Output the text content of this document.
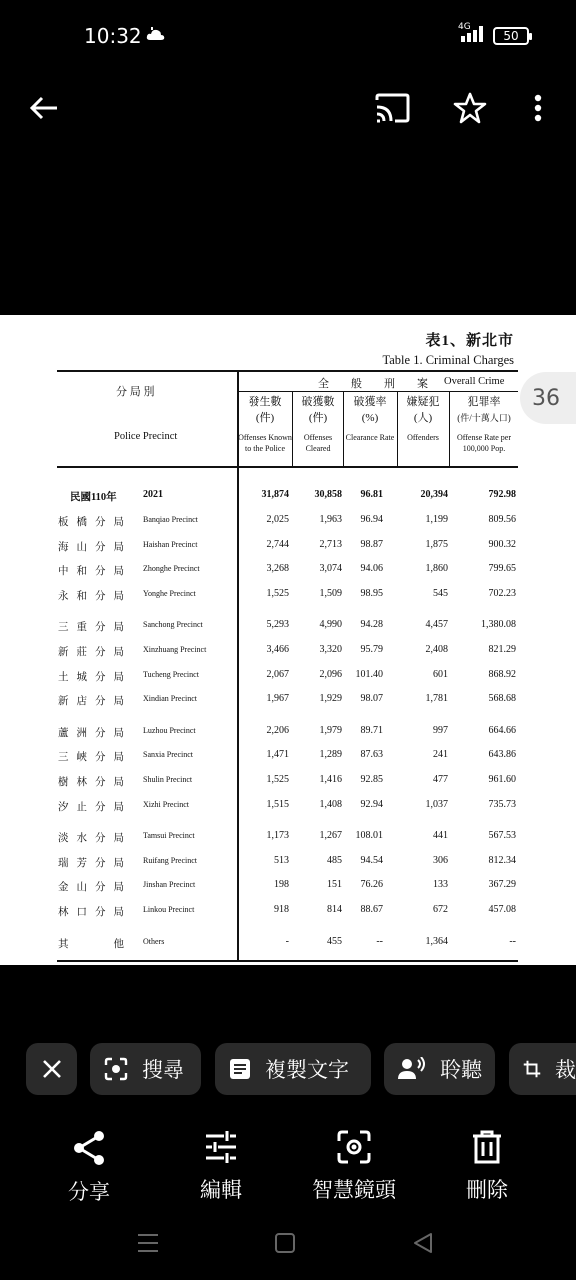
10:32	4G
50
表1、新北市
Table 1. Criminal Charges
分 局 別
Police Precinct
全　　般　　刑　　案 Overall Crime
發生數
(件)
Offenses Known to the Police
破獲數
(件)
Offenses Cleared
破獲率
(%)
Clearance Rate
嫌疑犯
(人)
Offenders
犯罪率
(件/十萬人口)
Offense Rate per 100,000 Pop.
民國110年	2021	31,874	30,858 96.81	20,394	792.98
板橋分局 Banqiao Precinct	2,025	1,963 96.94	1,199	809.56
海山分局 Haishan Precinct	2,744	2,713 98.87	1,875	900.32
中和分局 Zhonghe Precinct	3,268	3,074 94.06	1,860	799.65
永和分局 Yonghe Precinct	1,525	1,509 98.95	545	702.23
三重分局 Sanchong Precinct	5,293	4,990 94.28	4,457	1,380.08
新莊分局 Xinzhuang Precinct	3,466	3,320 95.79	2,408	821.29
土城分局 Tucheng Precinct	2,067	2,096 101.40	601	868.92
新店分局 Xindian Precinct	1,967	1,929 98.07	1,781	568.68
蘆洲分局 Luzhou Precinct	2,206	1,979 89.71	997	664.66
三峽分局 Sanxia Precinct	1,471	1,289 87.63	241	643.86
樹林分局 Shulin Precinct	1,525	1,416 92.85	477	961.60
汐止分局 Xizhi Precinct	1,515	1,408 92.94	1,037	735.73
淡水分局 Tamsui Precinct	1,173	1,267 108.01	441	567.53
瑞芳分局 Ruifang Precinct	513	485 94.54	306	812.34
金山分局 Jinshan Precinct	198	151 76.26	133	367.29
林口分局 Linkou Precinct	918	814 88.67	672	457.08
其　　他 Others	-	455	--	1,364	--
36
搜尋	複製文字	聆聽	裁
分享	編輯	智慧鏡頭	刪除
